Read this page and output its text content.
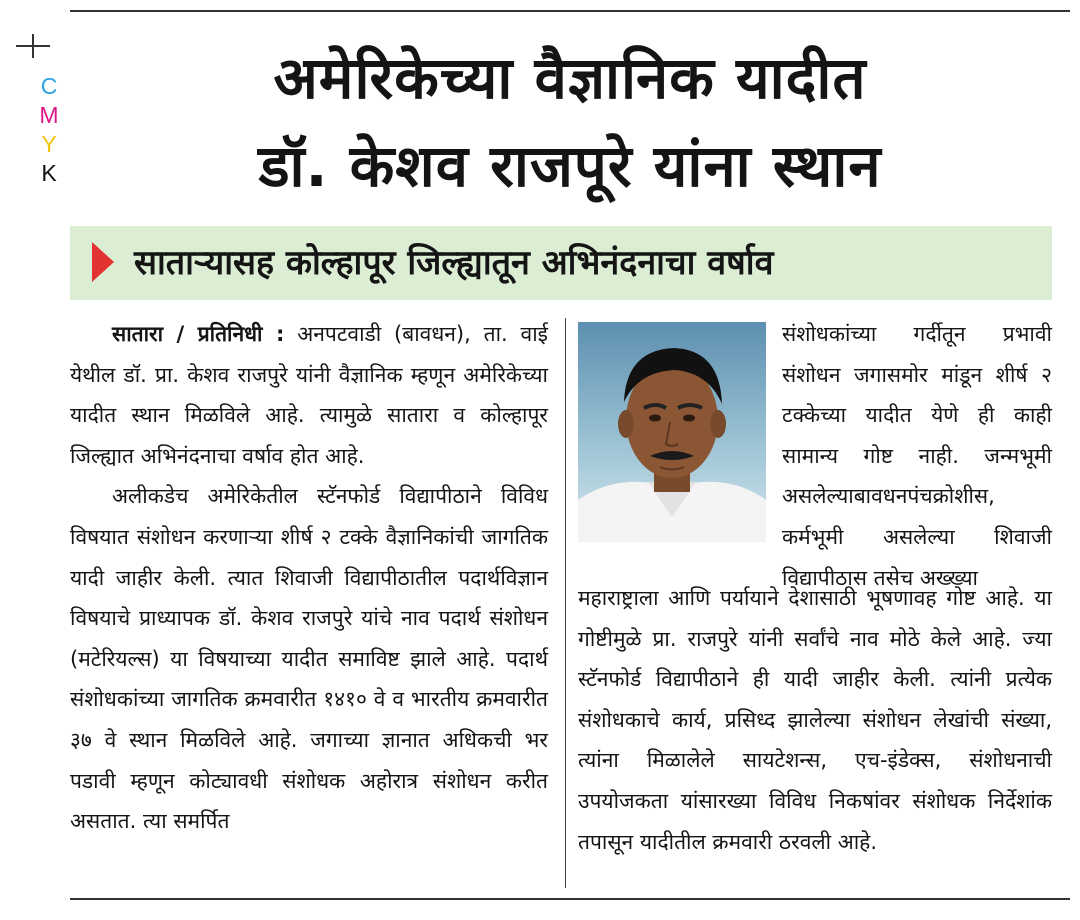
C
M
Y
K
अमेरिकेच्या वैज्ञानिक यादीत
डॉ. केशव राजपूरे यांना स्थान
साताऱ्यासह कोल्हापूर जिल्ह्यातून अभिनंदनाचा वर्षाव

सातारा / प्रतिनिधी : अनपटवाडी (बावधन), ता. वाई येथील डॉ. प्रा. केशव राजपुरे यांनी वैज्ञानिक म्हणून अमेरिकेच्या यादीत स्थान मिळविले आहे. त्यामुळे सातारा व कोल्हापूर जिल्ह्यात अभिनंदनाचा वर्षाव होत आहे.

अलीकडेच अमेरिकेतील स्टॅनफोर्ड विद्यापीठाने विविध विषयात संशोधन करणाऱ्या शीर्ष २ टक्के वैज्ञानिकांची जागतिक यादी जाहीर केली. त्यात शिवाजी विद्यापीठातील पदार्थविज्ञान विषयाचे प्राध्यापक डॉ. केशव राजपुरे यांचे नाव पदार्थ संशोधन (मटेरियल्स) या विषयाच्या यादीत समाविष्ट झाले आहे. पदार्थ संशोधकांच्या जागतिक क्रमवारीत १४१० वे व भारतीय क्रमवारीत ३७ वे स्थान मिळविले आहे. जगाच्या ज्ञानात अधिकची भर पडावी म्हणून कोट्यावधी संशोधक अहोरात्र संशोधन करीत असतात. त्या समर्पित

संशोधकांच्या गर्दीतून प्रभावी संशोधन जगासमोर मांडून शीर्ष २ टक्केच्या यादीत येणे ही काही सामान्य गोष्ट नाही. जन्मभूमी असलेल्याबावधनपंचक्रोशीस, कर्मभूमी असलेल्या शिवाजी विद्यापीठास तसेच अख्ख्या

महाराष्ट्राला आणि पर्यायाने देशासाठी भूषणावह गोष्ट आहे. या गोष्टीमुळे प्रा. राजपुरे यांनी सर्वांचे नाव मोठे केले आहे. ज्या स्टॅनफोर्ड विद्यापीठाने ही यादी जाहीर केली. त्यांनी प्रत्येक संशोधकाचे कार्य, प्रसिध्द झालेल्या संशोधन लेखांची संख्या, त्यांना मिळालेले सायटेशन्स, एच-इंडेक्स, संशोधनाची उपयोजकता यांसारख्या विविध निकषांवर संशोधक निर्देशांक तपासून यादीतील क्रमवारी ठरवली आहे.
